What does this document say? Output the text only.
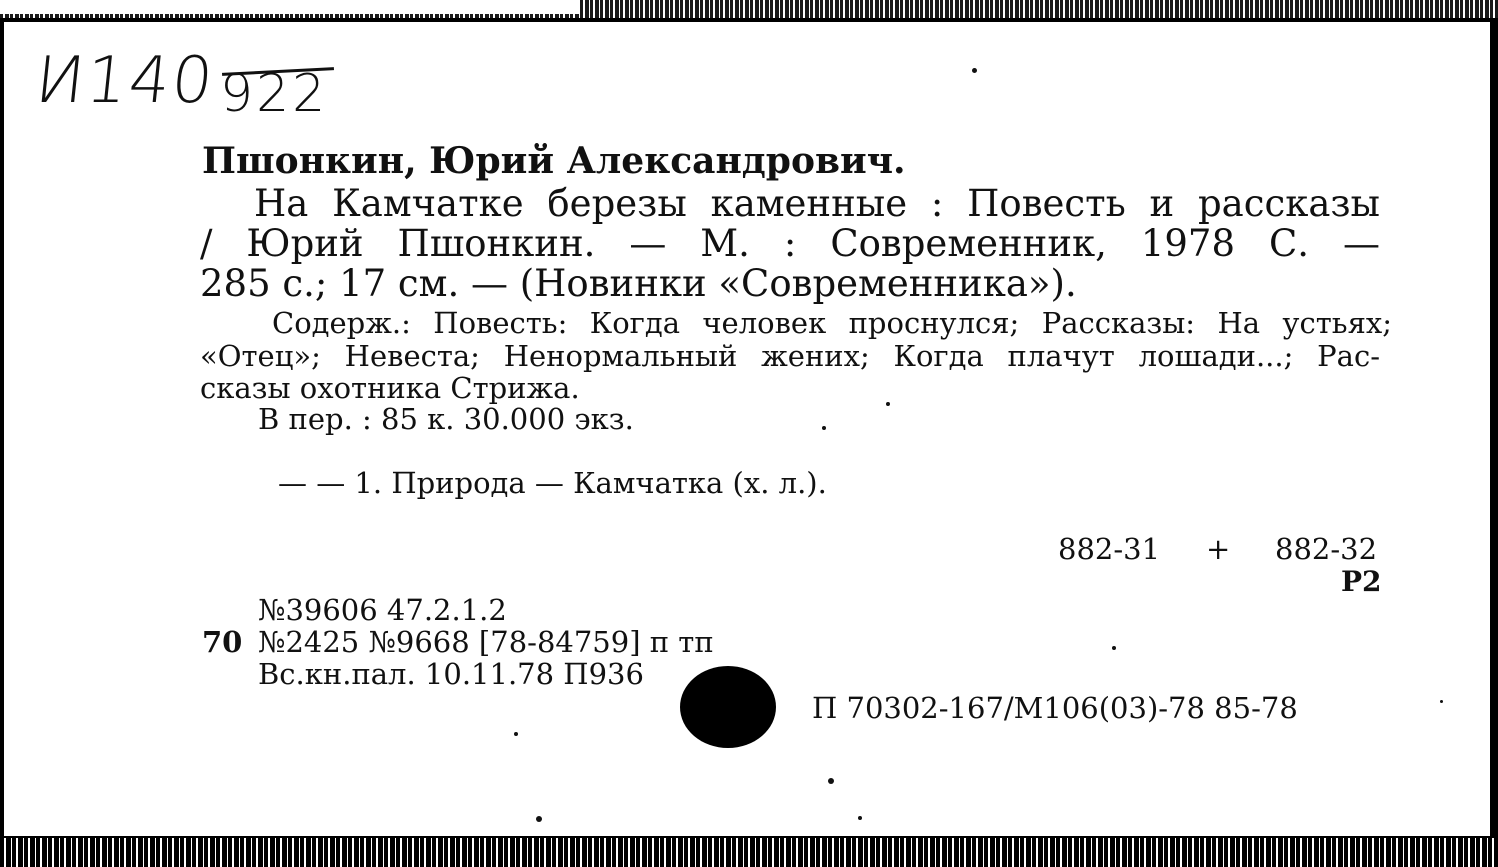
И140 922
Пшонкин, Юрий Александрович.
На Камчатке березы каменные : Повесть и рассказы
/ Юрий Пшонкин. — М. : Современник, 1978 С. —
285 с.; 17 см. — (Новинки «Современника»).
Содерж.: Повесть: Когда человек проснулся; Рассказы: На устьях;
«Отец»; Невеста; Ненормальный жених; Когда плачут лошади...; Рас-
сказы охотника Стрижа.
В пер. : 85 к. 30.000 экз.
— — 1. Природа — Камчатка (х. л.).
882-31 + 882-32
Р2
№39606 47.2.1.2
70 №2425 №9668 [78-84759] п тп
Вс.кн.пал. 10.11.78 П936
П 70302-167/М106(03)-78 85-78
